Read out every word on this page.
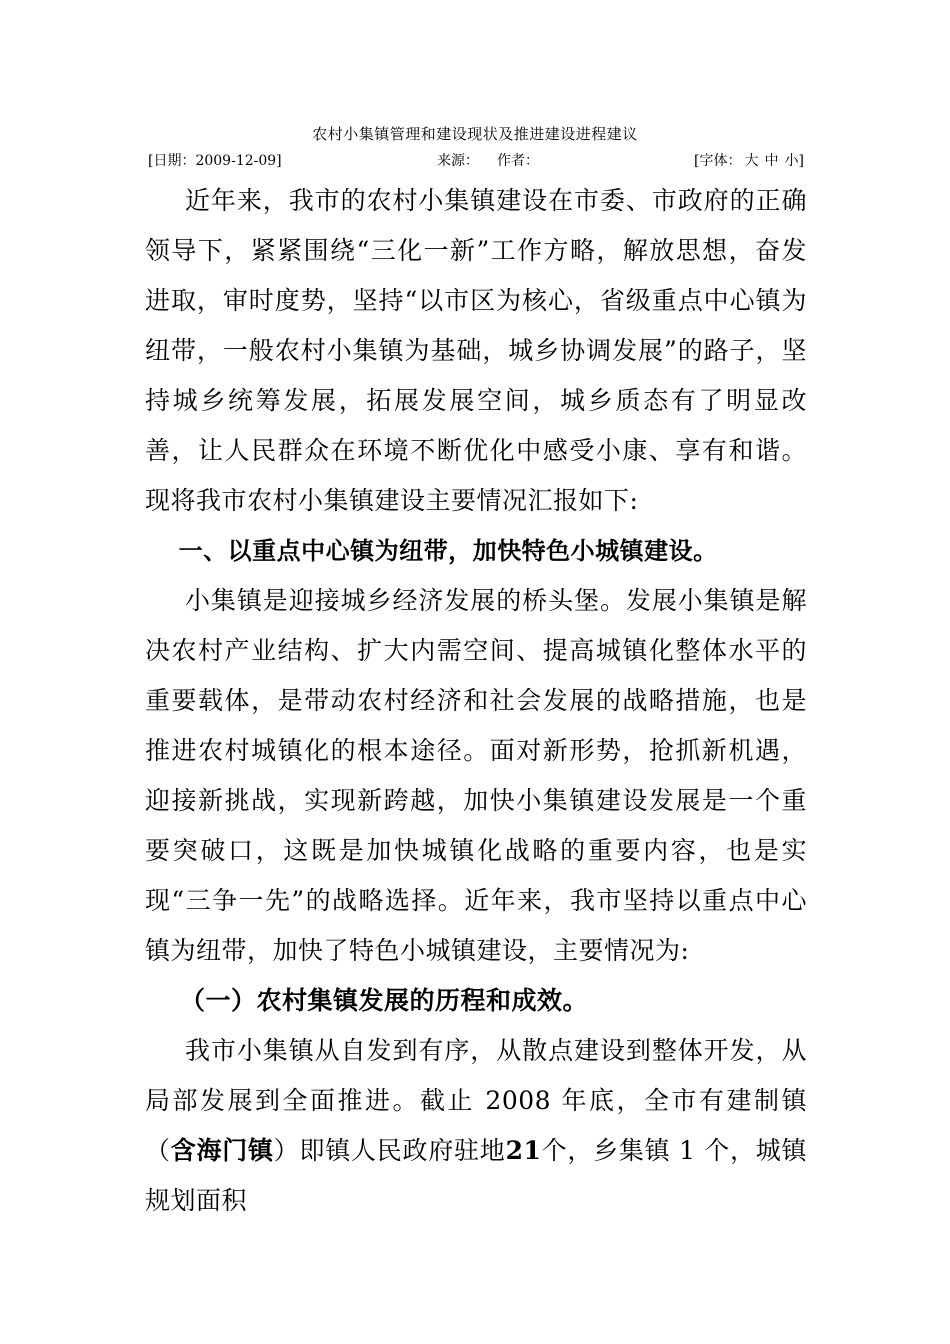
农村小集镇管理和建设现状及推进建设进程建议
[日期：2009-12-09]	来源： 作者：	[字体： 大 中 小]

近年来，我市的农村小集镇建设在市委、市政府的正确领导下，紧紧围绕“三化一新”工作方略，解放思想，奋发进取，审时度势，坚持“以市区为核心，省级重点中心镇为纽带，一般农村小集镇为基础，城乡协调发展”的路子，坚持城乡统筹发展，拓展发展空间，城乡质态有了明显改善，让人民群众在环境不断优化中感受小康、享有和谐。现将我市农村小集镇建设主要情况汇报如下:

一、以重点中心镇为纽带，加快特色小城镇建设。

小集镇是迎接城乡经济发展的桥头堡。发展小集镇是解决农村产业结构、扩大内需空间、提高城镇化整体水平的重要载体，是带动农村经济和社会发展的战略措施，也是推进农村城镇化的根本途径。面对新形势，抢抓新机遇，迎接新挑战，实现新跨越，加快小集镇建设发展是一个重要突破口，这既是加快城镇化战略的重要内容，也是实现“三争一先”的战略选择。近年来，我市坚持以重点中心镇为纽带，加快了特色小城镇建设，主要情况为:

（一）农村集镇发展的历程和成效。

我市小集镇从自发到有序，从散点建设到整体开发，从局部发展到全面推进。截止 2008 年底，全市有建制镇（含海门镇）即镇人民政府驻地21个，乡集镇 1 个，城镇规划面积
